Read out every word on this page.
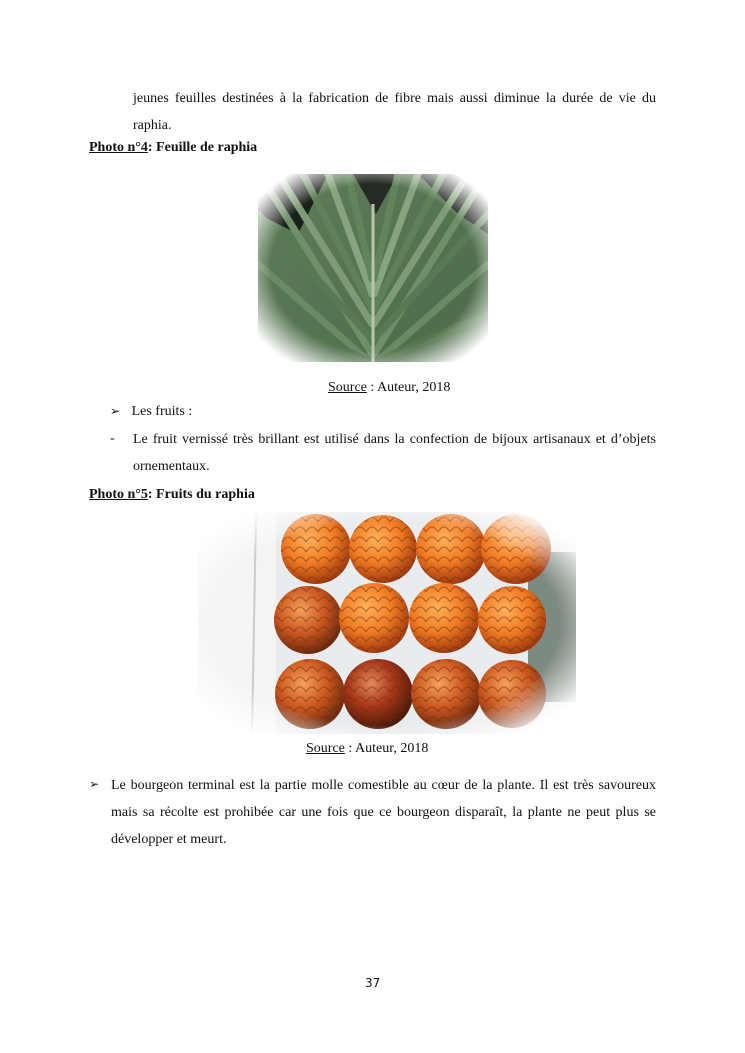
jeunes feuilles destinées à la fabrication de fibre mais aussi diminue la durée de vie du raphia.
Photo n°4: Feuille de raphia
Source : Auteur, 2018
➢ Les fruits :
- Le fruit vernissé très brillant est utilisé dans la confection de bijoux artisanaux et d’objets ornementaux.
Photo n°5: Fruits du raphia
Source : Auteur, 2018
➢ Le bourgeon terminal est la partie molle comestible au cœur de la plante. Il est très savoureux mais sa récolte est prohibée car une fois que ce bourgeon disparaît, la plante ne peut plus se développer et meurt.
37
